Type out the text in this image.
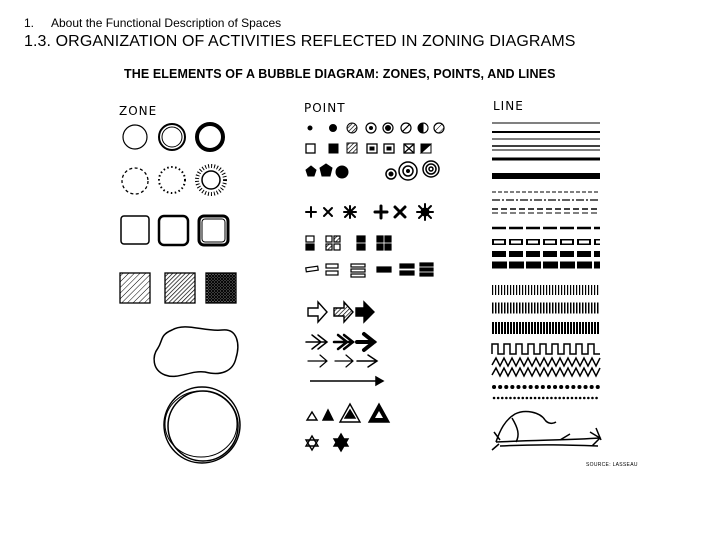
1. About the Functional Description of Spaces
1.3. ORGANIZATION OF ACTIVITIES REFLECTED IN ZONING DIAGRAMS
THE ELEMENTS OF A BUBBLE DIAGRAM: ZONES, POINTS, AND LINES
ZONE	POINT	LINE
SOURCE: LASSEAU
